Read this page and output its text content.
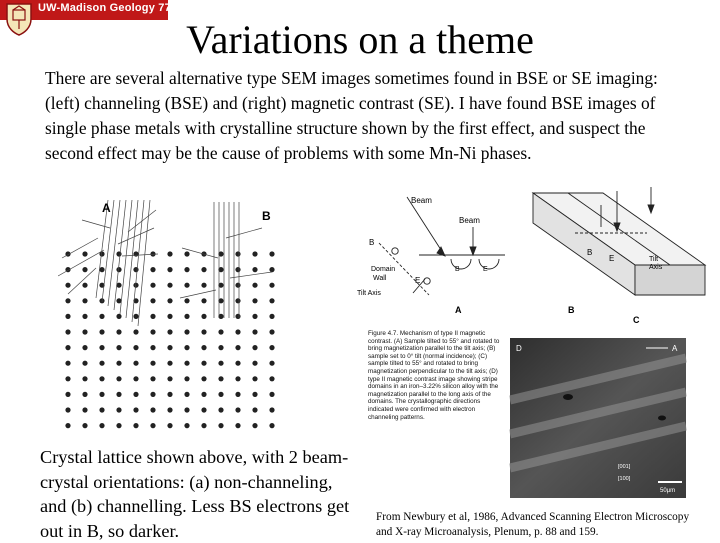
UW-Madison Geology 777
Variations on a theme
There are several alternative type SEM images sometimes found in BSE or SE imaging: (left) channeling (BSE) and (right) magnetic contrast (SE). I have found BSE images of single phase metals with crystalline structure shown by the first effect, and suspect the second effect may be the cause of problems with some Mn-Ni phases.
A
B
Beam
Beam
B
E
B	E
Domain
Wall
Tilt Axis
Tilt
Axis
B
E
A	B
C
Figure 4.7. Mechanism of type II magnetic contrast. (A) Sample tilted to 55° and rotated to bring magnetization parallel to the tilt axis; (B) sample set to 0° tilt (normal incidence); (C) sample tilted to 55° and rotated to bring magnetization perpendicular to the tilt axis; (D) type II magnetic contrast image showing stripe domains in an iron–3.22% silicon alloy with the magnetization parallel to the long axis of the domains. The crystallographic directions indicated were confirmed with electron channeling patterns.
D	A
[001]
[100]
50µm
Crystal lattice shown above, with 2 beam-crystal orientations: (a) non-channeling, and (b) channelling. Less BS electrons get out in B, so darker.
From Newbury et al, 1986, Advanced Scanning Electron Microscopy and X-ray Microanalysis, Plenum, p. 88 and 159.
